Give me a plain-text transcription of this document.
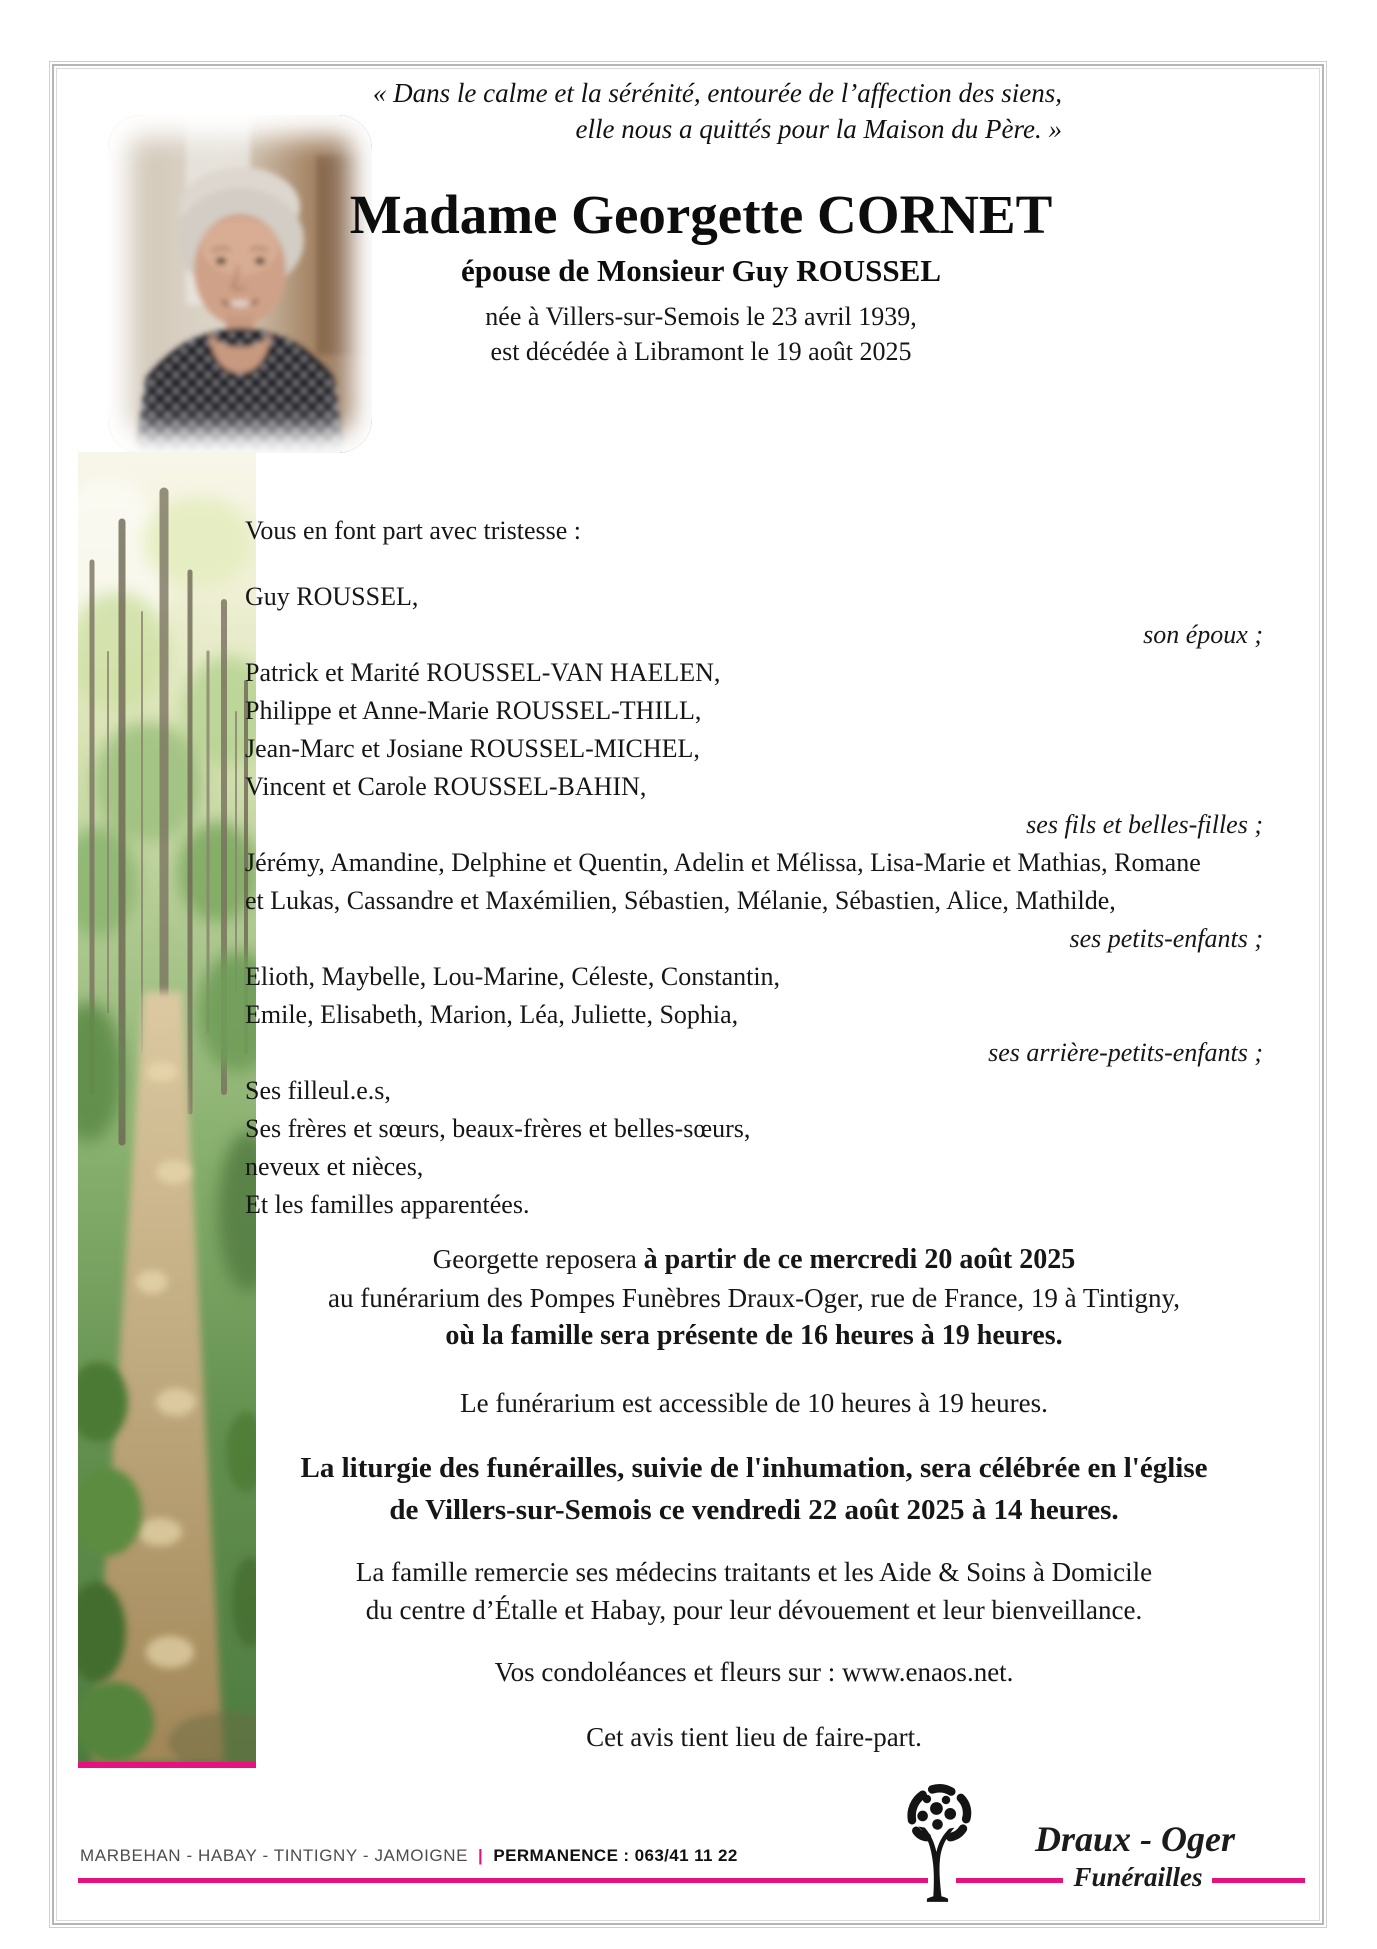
« Dans le calme et la sérénité, entourée de l’affection des siens,
elle nous a quittés pour la Maison du Père. »
Madame Georgette CORNET
épouse de Monsieur Guy ROUSSEL
née à Villers-sur-Semois le 23 avril 1939,
est décédée à Libramont le 19 août 2025
Vous en font part avec tristesse :
Guy ROUSSEL,
son époux ;
Patrick et Marité ROUSSEL-VAN HAELEN,
Philippe et Anne-Marie ROUSSEL-THILL,
Jean-Marc et Josiane ROUSSEL-MICHEL,
Vincent et Carole ROUSSEL-BAHIN,
ses fils et belles-filles ;
Jérémy, Amandine, Delphine et Quentin, Adelin et Mélissa, Lisa-Marie et Mathias, Romane
et Lukas, Cassandre et Maxémilien, Sébastien, Mélanie, Sébastien, Alice, Mathilde,
ses petits-enfants ;
Elioth, Maybelle, Lou-Marine, Céleste, Constantin,
Emile, Elisabeth, Marion, Léa, Juliette, Sophia,
ses arrière-petits-enfants ;
Ses filleul.e.s,
Ses frères et sœurs, beaux-frères et belles-sœurs,
neveux et nièces,
Et les familles apparentées.
Georgette reposera à partir de ce mercredi 20 août 2025
au funérarium des Pompes Funèbres Draux-Oger, rue de France, 19 à Tintigny,
où la famille sera présente de 16 heures à 19 heures.
Le funérarium est accessible de 10 heures à 19 heures.
La liturgie des funérailles, suivie de l'inhumation, sera célébrée en l'église
de Villers-sur-Semois ce vendredi 22 août 2025 à 14 heures.
La famille remercie ses médecins traitants et les Aide & Soins à Domicile
du centre d’Étalle et Habay, pour leur dévouement et leur bienveillance.
Vos condoléances et fleurs sur : www.enaos.net.
Cet avis tient lieu de faire-part.
MARBEHAN - HABAY - TINTIGNY - JAMOIGNE | PERMANENCE : 063/41 11 22	Draux - Oger
Funérailles
